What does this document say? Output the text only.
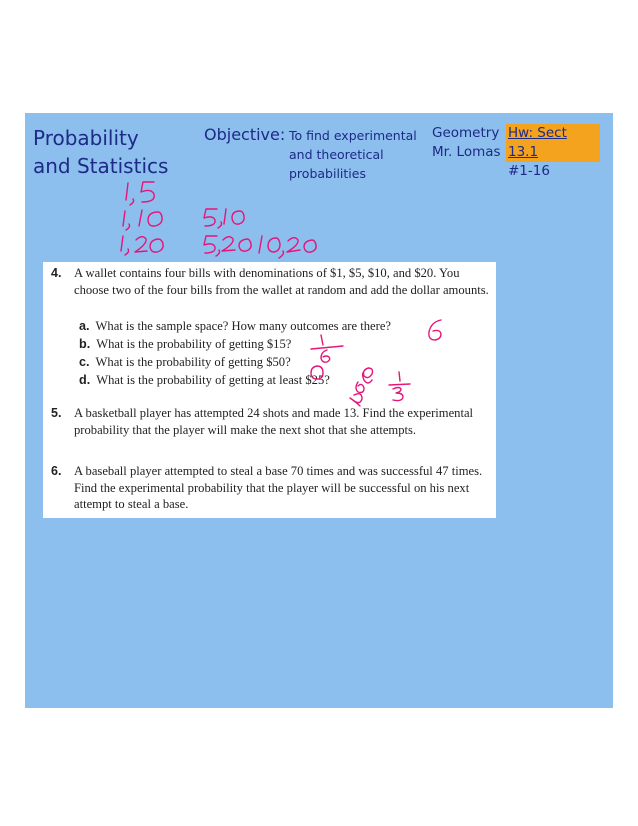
Probability
and Statistics
Objective: To find experimental
and theoretical
probabilities
Geometry
Mr. Lomas
Hw: Sect 13.1
#1-16
4. A wallet contains four bills with denominations of $1, $5, $10, and $20. You choose two of the four bills from the wallet at random and add the dollar amounts.
a. What is the sample space? How many outcomes are there?
b. What is the probability of getting $15?
c. What is the probability of getting $50?
d. What is the probability of getting at least $25?
5. A basketball player has attempted 24 shots and made 13. Find the experimental probability that the player will make the next shot that she attempts.
6. A baseball player attempted to steal a base 70 times and was successful 47 times. Find the experimental probability that the player will be successful on his next attempt to steal a base.
